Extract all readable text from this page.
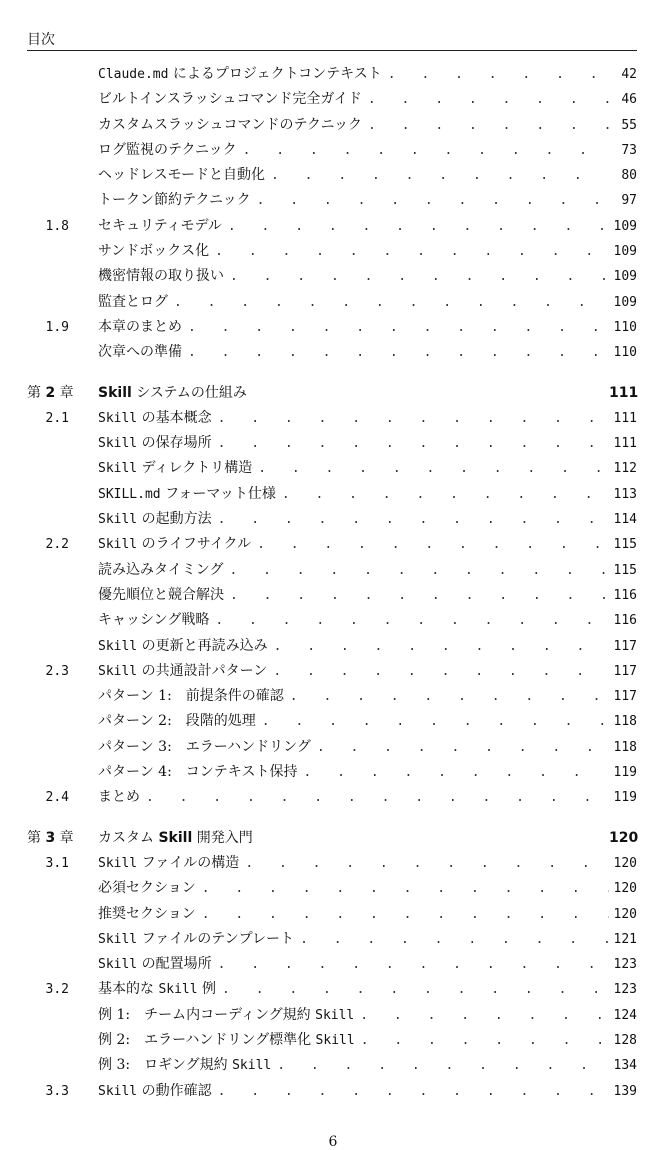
目次
Claude.md によるプロジェクトコンテキスト . . .	42
ビルトインスラッシュコマンド完全ガイド . . .	46
カスタムスラッシュコマンドのテクニック . . .	55
ログ監視のテクニック . . .	73
ヘッドレスモードと自動化 . . .	80
トークン節約テクニック . . .	97
1.8 セキュリティモデル . . .	109
サンドボックス化 . . .	109
機密情報の取り扱い . . .	109
監査とログ . . .	109
1.9 本章のまとめ . . .	110
次章への準備 . . .	110
第 2 章 Skill システムの仕組み	111
2.1 Skill の基本概念 . . .	111
Skill の保存場所 . . .	111
Skill ディレクトリ構造 . . .	112
SKILL.md フォーマット仕様 . . .	113
Skill の起動方法 . . .	114
2.2 Skill のライフサイクル . . .	115
読み込みタイミング . . .	115
優先順位と競合解決 . . .	116
キャッシング戦略 . . .	116
Skill の更新と再読み込み . . .	117
2.3 Skill の共通設計パターン . . .	117
パターン 1:　前提条件の確認 . . .	117
パターン 2:　段階的処理 . . .	118
パターン 3:　エラーハンドリング . . .	118
パターン 4:　コンテキスト保持 . . .	119
2.4 まとめ . . .	119
第 3 章 カスタム Skill 開発入門	120
3.1 Skill ファイルの構造 . . .	120
必須セクション . . .	120
推奨セクション . . .	120
Skill ファイルのテンプレート . . .	121
Skill の配置場所 . . .	123
3.2 基本的な Skill 例 . . .	123
例 1:　チーム内コーディング規約 Skill . . .	124
例 2:　エラーハンドリング標準化 Skill . . .	128
例 3:　ロギング規約 Skill . . .	134
3.3 Skill の動作確認 . . .	139
6
